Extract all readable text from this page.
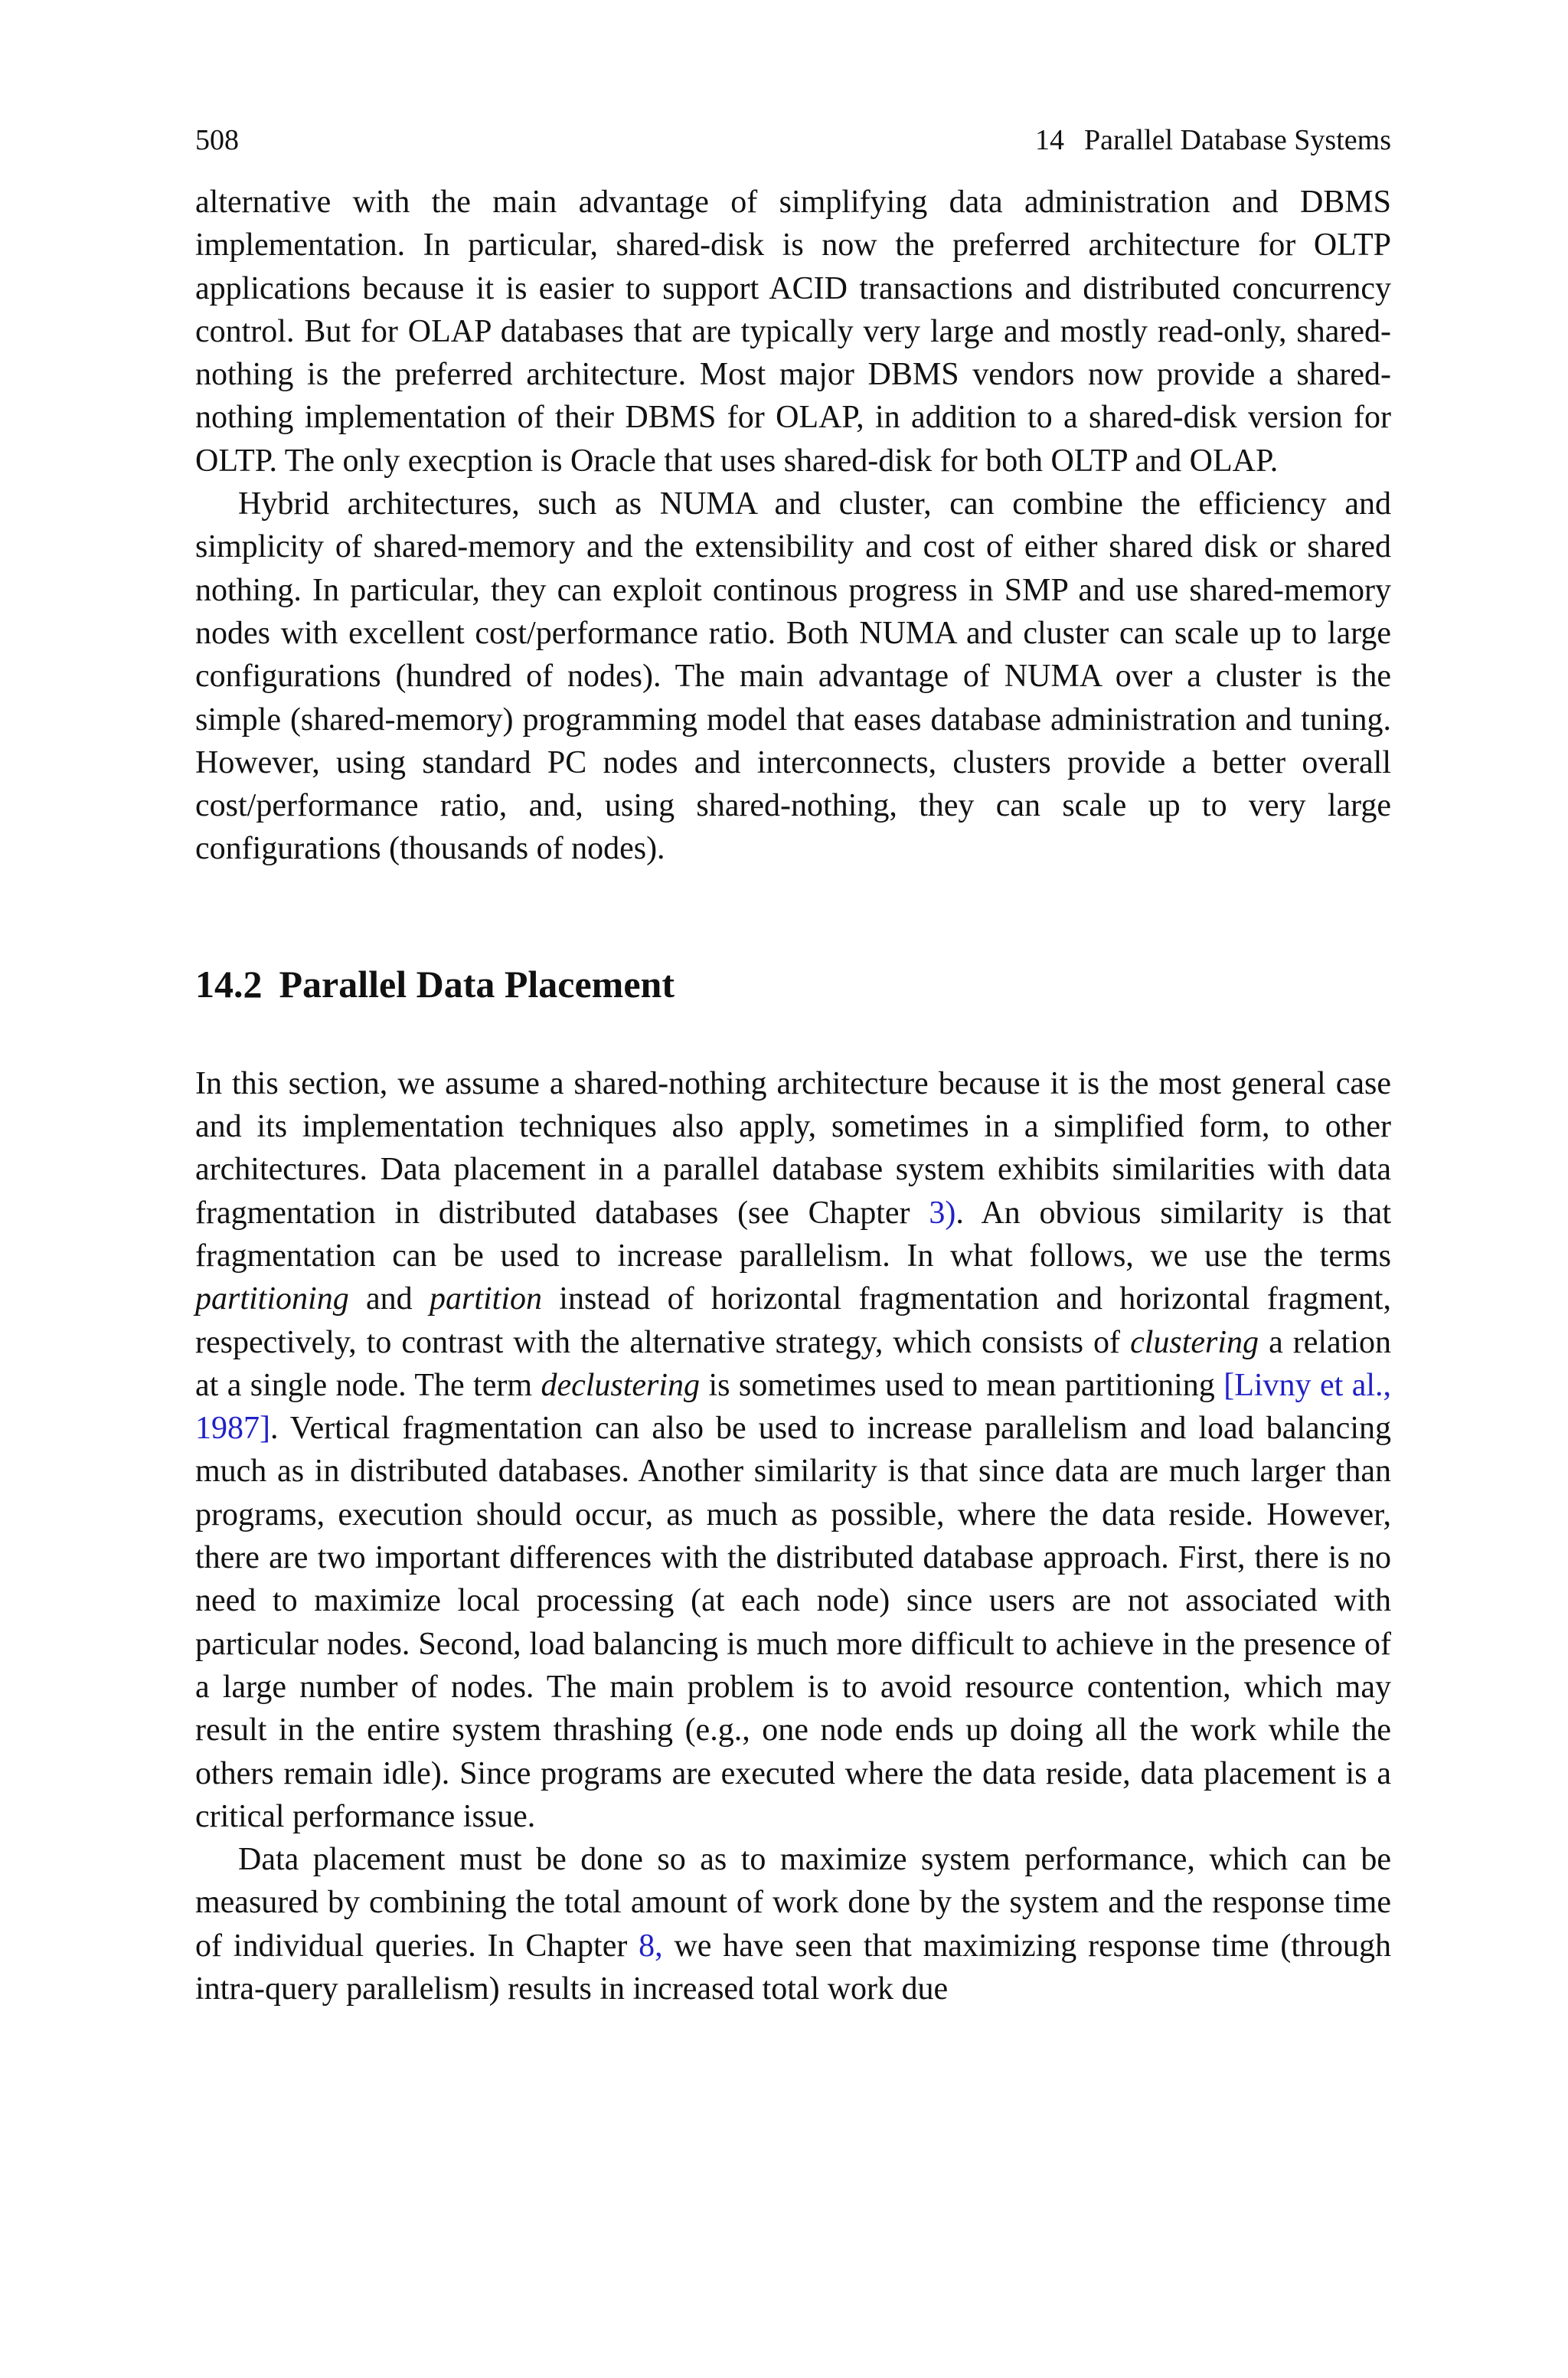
508	14 Parallel Database Systems

alternative with the main advantage of simplifying data administration and DBMS implementation. In particular, shared-disk is now the preferred architecture for OLTP applications because it is easier to support ACID transactions and distributed concurrency control. But for OLAP databases that are typically very large and mostly read-only, shared-nothing is the preferred architecture. Most major DBMS vendors now provide a shared-nothing implementation of their DBMS for OLAP, in addition to a shared-disk version for OLTP. The only execption is Oracle that uses shared-disk for both OLTP and OLAP.

Hybrid architectures, such as NUMA and cluster, can combine the efficiency and simplicity of shared-memory and the extensibility and cost of either shared disk or shared nothing. In particular, they can exploit continous progress in SMP and use shared-memory nodes with excellent cost/performance ratio. Both NUMA and cluster can scale up to large configurations (hundred of nodes). The main advantage of NUMA over a cluster is the simple (shared-memory) programming model that eases database administration and tuning. However, using standard PC nodes and interconnects, clusters provide a better overall cost/performance ratio, and, using shared-nothing, they can scale up to very large configurations (thousands of nodes).

14.2 Parallel Data Placement

In this section, we assume a shared-nothing architecture because it is the most general case and its implementation techniques also apply, sometimes in a simplified form, to other architectures. Data placement in a parallel database system exhibits similarities with data fragmentation in distributed databases (see Chapter 3). An obvious similarity is that fragmentation can be used to increase parallelism. In what follows, we use the terms partitioning and partition instead of horizontal fragmentation and horizontal fragment, respectively, to contrast with the alternative strategy, which consists of clustering a relation at a single node. The term declustering is sometimes used to mean partitioning [Livny et al., 1987]. Vertical fragmentation can also be used to increase parallelism and load balancing much as in distributed databases. Another similarity is that since data are much larger than programs, execution should occur, as much as possible, where the data reside. However, there are two important differences with the distributed database approach. First, there is no need to maximize local processing (at each node) since users are not associated with particular nodes. Second, load balancing is much more difficult to achieve in the presence of a large number of nodes. The main problem is to avoid resource contention, which may result in the entire system thrashing (e.g., one node ends up doing all the work while the others remain idle). Since programs are executed where the data reside, data placement is a critical performance issue.

Data placement must be done so as to maximize system performance, which can be measured by combining the total amount of work done by the system and the response time of individual queries. In Chapter 8, we have seen that maximizing response time (through intra-query parallelism) results in increased total work due
